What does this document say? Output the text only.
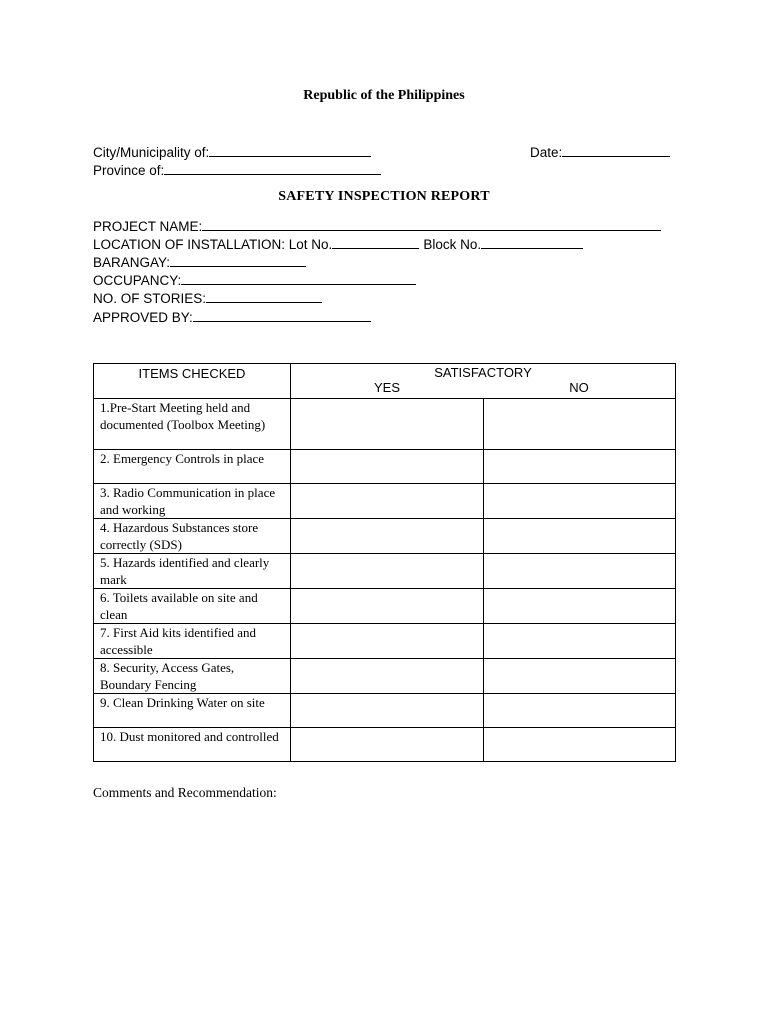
Republic of the Philippines
City/Municipality of:	Date:
Province of:
SAFETY INSPECTION REPORT
PROJECT NAME:
LOCATION OF INSTALLATION: Lot No.	Block No.
BARANGAY:
OCCUPANCY:
NO. OF STORIES:
APPROVED BY:
ITEMS CHECKED	SATISFACTORY
YES NO	

1.Pre-Start Meeting held and documented (Toolbox Meeting)		
2. Emergency Controls in place		
3. Radio Communication in place and working		
4. Hazardous Substances store correctly (SDS)		
5. Hazards identified and clearly mark		
6. Toilets available on site and clean		
7. First Aid kits identified and accessible		
8. Security, Access Gates, Boundary Fencing		
9. Clean Drinking Water on site		
10. Dust monitored and controlled		
Comments and Recommendation:
